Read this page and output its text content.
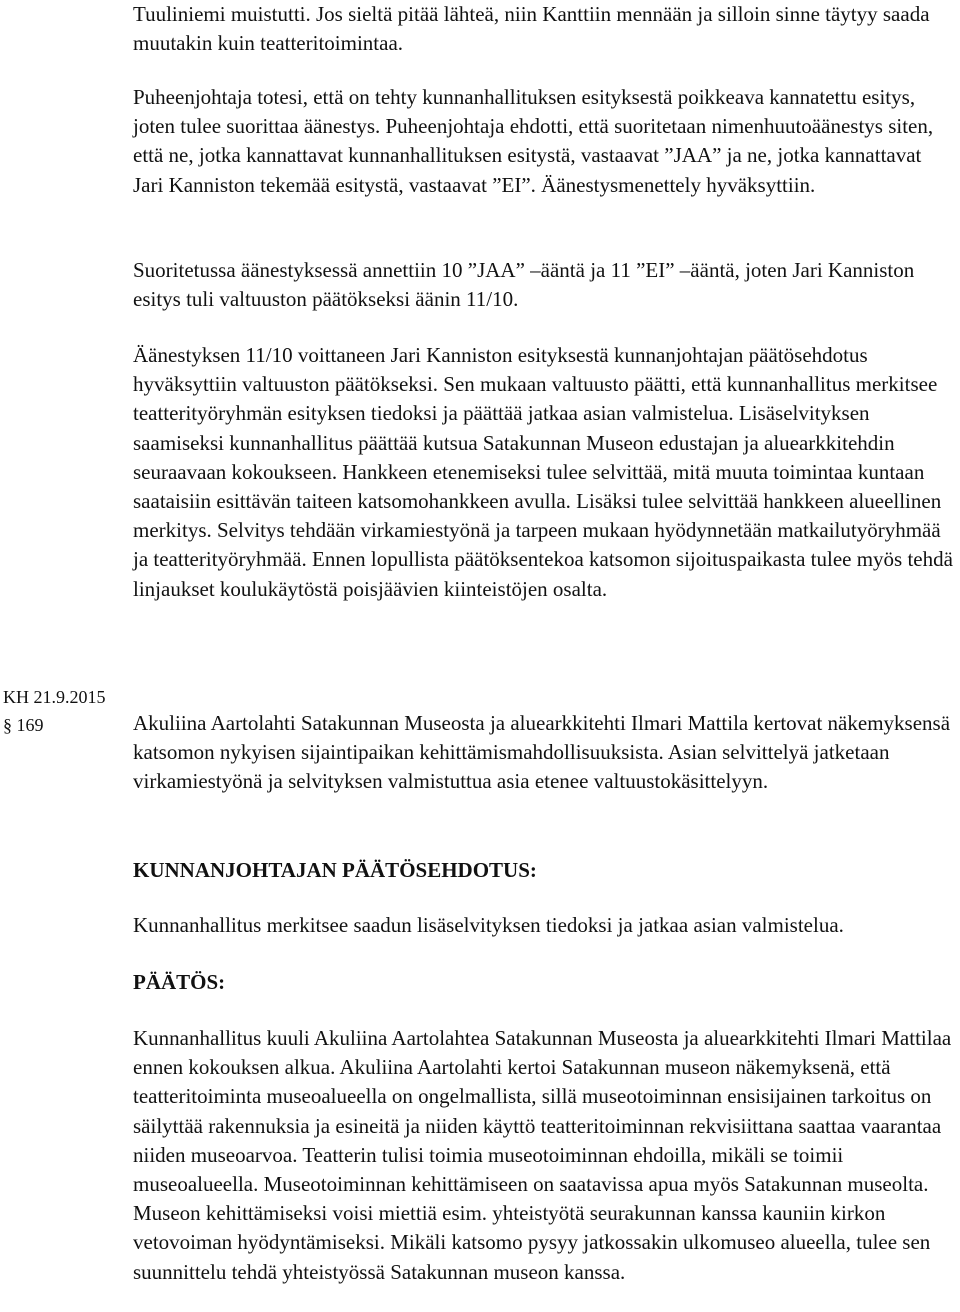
Tuuliniemi muistutti. Jos sieltä pitää lähteä, niin Kanttiin mennään ja silloin sinne täytyy saada muutakin kuin teatteritoimintaa.

Puheenjohtaja totesi, että on tehty kunnanhallituksen esityksestä poikkeava kannatettu esitys, joten tulee suorittaa äänestys. Puheenjohtaja ehdotti, että suoritetaan nimenhuutoäänestys siten, että ne, jotka kannattavat kunnanhallituksen esitystä, vastaavat ”JAA” ja ne, jotka kannattavat Jari Kanniston tekemää esitystä, vastaavat ”EI”. Äänestysmenettely hyväksyttiin.

Suoritetussa äänestyksessä annettiin 10 ”JAA” –ääntä ja 11 ”EI” –ääntä, joten Jari Kanniston esitys tuli valtuuston päätökseksi äänin 11/10.

Äänestyksen 11/10 voittaneen Jari Kanniston esityksestä kunnanjohtajan päätösehdotus hyväksyttiin valtuuston päätökseksi. Sen mukaan valtuusto päätti, että kunnanhallitus merkitsee teatterityöryhmän esityksen tiedoksi ja päättää jatkaa asian valmistelua. Lisäselvityksen saamiseksi kunnanhallitus päättää kutsua Satakunnan Museon edustajan ja aluearkkitehdin seuraavaan kokoukseen. Hankkeen etenemiseksi tulee selvittää, mitä muuta toimintaa kuntaan saataisiin esittävän taiteen katsomohankkeen avulla. Lisäksi tulee selvittää hankkeen alueellinen merkitys. Selvitys tehdään virkamiestyönä ja tarpeen mukaan hyödynnetään matkailutyöryhmää ja teatterityöryhmää. Ennen lopullista päätöksentekoa katsomon sijoituspaikasta tulee myös tehdä linjaukset koulukäytöstä poisjäävien kiinteistöjen osalta.

KH 21.9.2015
§ 169	Akuliina Aartolahti Satakunnan Museosta ja aluearkkitehti Ilmari Mattila kertovat näkemyksensä katsomon nykyisen sijaintipaikan kehittämismahdollisuuksista. Asian selvittelyä jatketaan virkamiestyönä ja selvityksen valmistuttua asia etenee valtuustokäsittelyyn.

KUNNANJOHTAJAN PÄÄTÖSEHDOTUS:

Kunnanhallitus merkitsee saadun lisäselvityksen tiedoksi ja jatkaa asian valmistelua.

PÄÄTÖS:

Kunnanhallitus kuuli Akuliina Aartolahtea Satakunnan Museosta ja aluearkkitehti Ilmari Mattilaa ennen kokouksen alkua. Akuliina Aartolahti kertoi Satakunnan museon näkemyksenä, että teatteritoiminta museoalueella on ongelmallista, sillä museotoiminnan ensisijainen tarkoitus on säilyttää rakennuksia ja esineitä ja niiden käyttö teatteritoiminnan rekvisiittana saattaa vaarantaa niiden museoarvoa. Teatterin tulisi toimia museotoiminnan ehdoilla, mikäli se toimii museoalueella. Museotoiminnan kehittämiseen on saatavissa apua myös Satakunnan museolta. Museon kehittämiseksi voisi miettiä esim. yhteistyötä seurakunnan kanssa kauniin kirkon vetovoiman hyödyntämiseksi. Mikäli katsomo pysyy jatkossakin ulkomuseo alueella, tulee sen suunnittelu tehdä yhteistyössä Satakunnan museon kanssa.
